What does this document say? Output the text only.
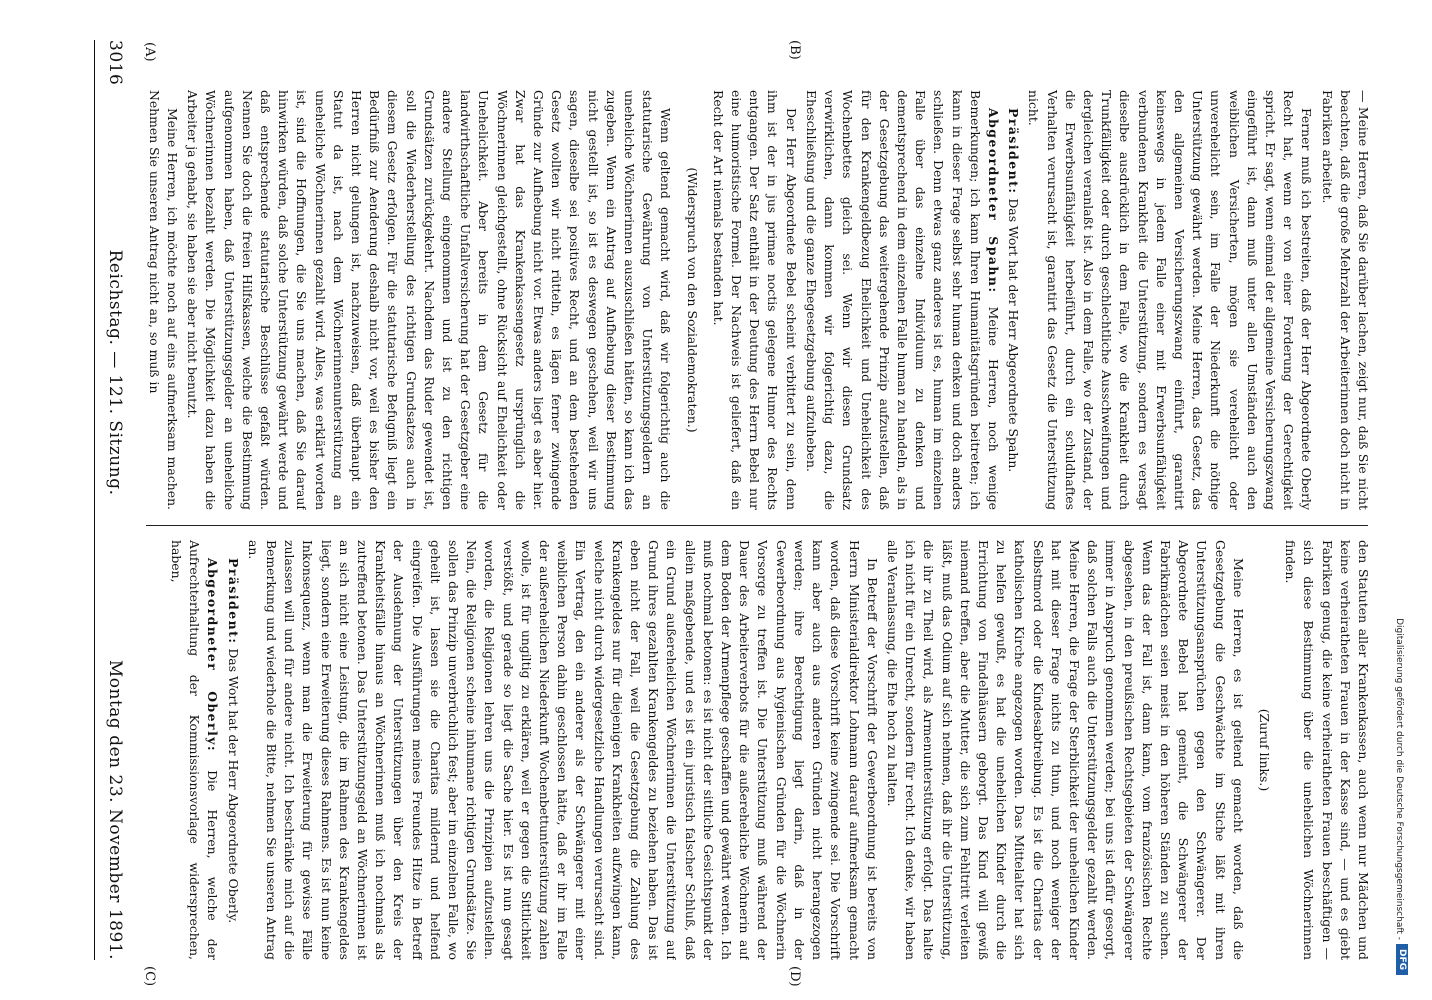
Digitalisierung gefördert durch die Deutsche Forschungsgemeinschaft -
DFG
(A)	(B)
(C)	(D)

— Meine Herren, daß Sie darüber lachen, zeigt nur, daß Sie nicht beachten, daß die große Mehrzahl der Arbeiterinnen doch nicht in Fabriken arbeitet.

Ferner muß ich bestreiten, daß der Herr Abgeordnete Oberly Recht hat, wenn er von einer Forderung der Gerechtigkeit spricht. Er sagt, wenn einmal der allgemeine Versicherungszwang eingeführt ist, dann muß unter allen Umständen auch den weiblichen Versicherten, mögen sie verehelicht oder unverehelicht sein, im Falle der Niederkunft die nöthige Unterstützung gewährt werden. Meine Herren, das Gesetz, das den allgemeinen Versicherungszwang einführt, garantirt keineswegs in jedem Falle einer mit Erwerbsunfähigkeit verbundenen Krankheit die Unterstützung, sondern es versagt dieselbe ausdrücklich in dem Falle, wo die Krankheit durch Trunkfälligkeit oder durch geschlechtliche Ausschweifungen und dergleichen veranlaßt ist. Also in dem Falle, wo der Zustand, der die Erwerbsunfähigkeit herbeiführt, durch ein schuldhaftes Verhalten verursacht ist, garantirt das Gesetz die Unterstützung nicht.

Präsident: Das Wort hat der Herr Abgeordnete Spahn.

Abgeordneter Spahn: Meine Herren, noch wenige Bemerkungen; ich kann Ihren Humanitätsgründen beitreten; ich kann in dieser Frage selbst sehr human denken und doch anders schließen. Denn etwas ganz anderes ist es, human im einzelnen Falle über das einzelne Individuum zu denken und dementsprechend in dem einzelnen Falle human zu handeln, als in der Gesetzgebung das weitergehende Prinzip aufzustellen, daß für den Krankengeldbezug Ehelichkeit und Unehelichkeit des Wochenbettes gleich sei. Wenn wir diesen Grundsatz verwirklichen, dann kommen wir folgerichtig dazu, die Eheschließung und die ganze Ehegesetzgebung aufzuheben.

Der Herr Abgeordnete Bebel scheint verbittert zu sein, denn ihm ist der in jus primae noctis gelegene Humor des Rechts entgangen. Der Satz enthält in der Deutung des Herrn Bebel nur eine humoristische Formel. Der Nachweis ist geliefert, daß ein Recht der Art niemals bestanden hat.

(Widerspruch von den Sozialdemokraten.)

Wenn geltend gemacht wird, daß wir folgerichtig auch die statutarische Gewährung von Unterstützungsgeldern an uneheliche Wöchnerinnen auszuschließen hätten, so kann ich das zugeben. Wenn ein Antrag auf Aufhebung dieser Bestimmung nicht gestellt ist, so ist es deswegen geschehen, weil wir uns sagen, dieselbe sei positives Recht, und an dem bestehenden Gesetz wollten wir nicht rütteln, es lägen ferner zwingende Gründe zur Aufhebung nicht vor. Etwas anders liegt es aber hier. Zwar hat das Krankenkassengesetz ursprünglich die Wöchnerinnen gleichgestellt, ohne Rücksicht auf Ehelichkeit oder Unehelichkeit. Aber bereits in dem Gesetz für die landwirthschaftliche Unfallversicherung hat der Gesetzgeber eine andere Stellung eingenommen und ist zu den richtigen Grundsätzen zurückgekehrt. Nachdem das Ruder gewendet ist, soll die Wiederherstellung des richtigen Grundsatzes auch in diesem Gesetz erfolgen. Für die statutarische Befugniß liegt ein Bedürfniß zur Aenderung deshalb nicht vor, weil es bisher den Herren nicht gelungen ist, nachzuweisen, daß überhaupt ein Statut da ist, nach dem Wöchnerinnenunterstützung an uneheliche Wöchnerinnen gezahlt wird. Alles, was erklärt worden ist, sind die Hoffnungen, die Sie uns machen, daß Sie darauf hinwirken würden, daß solche Unterstützung gewährt werde und daß entsprechende statutarische Beschlüsse gefaßt würden. Nennen Sie doch die freien Hilfskassen, welche die Bestimmung aufgenommen haben, daß Unterstützungsgelder an uneheliche Wöchnerinnen bezahlt werden. Die Möglichkeit dazu haben die Arbeiter ja gehabt, sie haben sie aber nicht benutzt.

Meine Herren, ich möchte noch auf eins aufmerksam machen. Nehmen Sie unseren Antrag nicht an, so muß in

den Statuten aller Krankenkassen, auch wenn nur Mädchen und keine verheiratheten Frauen in der Kasse sind, — und es giebt Fabriken genug, die keine verheiratheten Frauen beschäftigen — sich diese Bestimmung über die unehelichen Wöchnerinnen finden.

(Zuruf links.)

Meine Herren, es ist geltend gemacht worden, daß die Gesetzgebung die Geschwächte im Stiche läßt mit ihren Unterstützungsansprüchen gegen den Schwängerer. Der Abgeordnete Bebel hat gemeint, die Schwängerer der Fabrikmädchen seien meist in den höheren Ständen zu suchen. Wenn das der Fall ist, dann kann, vom französischen Rechte abgesehen, in den preußischen Rechtsgebieten der Schwängerer immer in Anspruch genommen werden; bei uns ist dafür gesorgt, daß solchen Falls auch die Unterstützungsgelder gezahlt werden. Meine Herren, die Frage der Sterblichkeit der unehelichen Kinder hat mit dieser Frage nichts zu thun, und noch weniger der Selbstmord oder die Kindesabtreibung. Es ist die Charitas der katholischen Kirche angezogen worden. Das Mittelalter hat sich zu helfen gewußt, es hat die unehelichen Kinder durch die Errichtung von Findelhäusern geborgt. Das Kind will gewiß niemand treffen, aber die Mutter, die sich zum Fehltritt verleiten läßt, muß das Odium auf sich nehmen, daß ihr die Unterstützung, die ihr zu Theil wird, als Armenunterstützung erfolgt. Das halte ich nicht für ein Unrecht, sondern für recht. Ich denke, wir haben alle Veranlassung, die Ehe hoch zu halten.

In Betreff der Vorschrift der Gewerbeordnung ist bereits von Herrn Ministerialdirektor Lohmann darauf aufmerksam gemacht worden, daß diese Vorschrift keine zwingende sei. Die Vorschrift kann aber auch aus anderen Gründen nicht herangezogen werden; ihre Berechtigung liegt darin, daß in der Gewerbeordnung aus hygienischen Gründen für die Wöchnerin Vorsorge zu treffen ist. Die Unterstützung muß während der Dauer des Arbeiterverbots für die außereheliche Wöchnerin auf dem Boden der Armenpflege geschaffen und gewährt werden. Ich muß nochmal betonen: es ist nicht der sittliche Gesichtspunkt der allein maßgebende, und es ist ein juristisch falscher Schluß, daß ein Grund außerehelichen Wöchnerinnen die Unterstützung auf Grund ihres gezahlten Krankengeldes zu beziehen haben. Das ist eben nicht der Fall, weil die Gesetzgebung die Zahlung des Krankengeldes nur für diejenigen Krankheiten aufzwingen kann, welche nicht durch widergesetzliche Handlungen verursacht sind. Ein Vertrag, den ein anderer als der Schwängerer mit einer weiblichen Person dahin geschlossen hätte, daß er ihr im Falle der außerehelichen Niederkunft Wochenbettunterstützung zahlen wolle, ist für ungiltig zu erklären, weil er gegen die Sittlichkeit verstößt, und gerade so liegt die Sache hier. Es ist nun gesagt worden, die Religionen lehren uns die Prinzipien aufzustellen. Nein, die Religionen scheine inhumane richtigen Grundsätze. Sie sollen das Prinzip unverbrüchlich fest; aber im einzelnen Falle, wo geheilt ist, lassen sie die Charitas mildernd und helfend eingreifen. Die Ausführungen meines Freundes Hitze in Betreff der Ausdehnung der Unterstützungen über den Kreis der Krankheitsfälle hinaus an Wöchnerinnen muß ich nochmals als zutreffend betonen. Das Unterstützungsgeld an Wöchnerinnen ist an sich nicht eine Leistung, die im Rahmen des Krankengeldes liegt, sondern eine Erweiterung dieses Rahmens. Es ist nun keine Inkonsequenz, wenn man die Erweiterung für gewisse Fälle zulassen will und für andere nicht. Ich beschränke mich auf die Bemerkung und wiederhole die Bitte, nehmen Sie unseren Antrag an.

Präsident: Das Wort hat der Herr Abgeordnete Oberly.

Abgeordneter Oberly: Die Herren, welche der Aufrechterhaltung der Kommissionsvorlage widersprechen, haben,

3016
Reichstag. — 121. Sitzung.
Montag den 23. November 1891.
